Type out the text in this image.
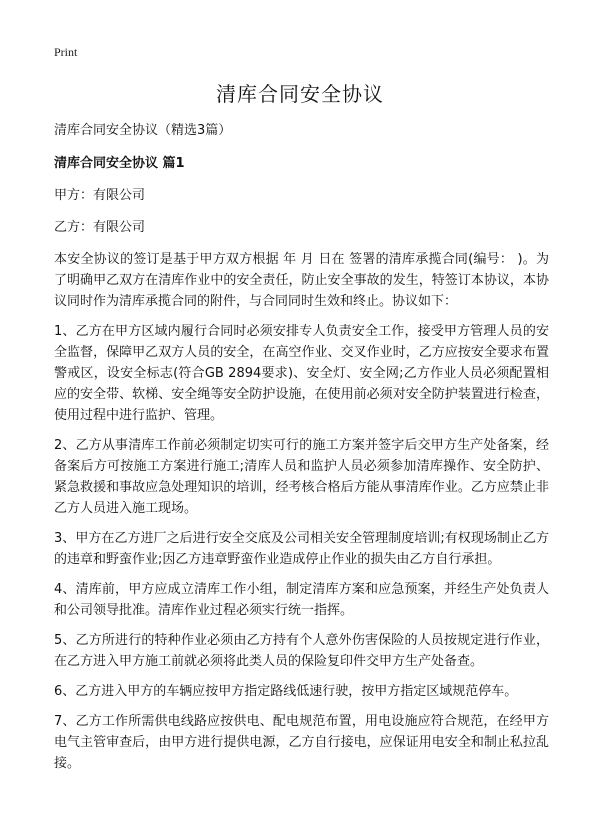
Print
清库合同安全协议

清库合同安全协议（精选3篇）

清库合同安全协议 篇1

甲方：有限公司

乙方：有限公司

本安全协议的签订是基于甲方双方根据 年 月 日在 签署的清库承揽合同(编号： )。为了明确甲乙双方在清库作业中的安全责任，防止安全事故的发生，特签订本协议，本协议同时作为清库承揽合同的附件，与合同同时生效和终止。协议如下：

1、乙方在甲方区域内履行合同时必须安排专人负责安全工作，接受甲方管理人员的安全监督，保障甲乙双方人员的安全，在高空作业、交叉作业时，乙方应按安全要求布置警戒区，设安全标志(符合GB 2894要求)、安全灯、安全网;乙方作业人员必须配置相应的安全带、软梯、安全绳等安全防护设施，在使用前必须对安全防护装置进行检查，使用过程中进行监护、管理。

2、乙方从事清库工作前必须制定切实可行的施工方案并签字后交甲方生产处备案，经备案后方可按施工方案进行施工;清库人员和监护人员必须参加清库操作、安全防护、紧急救援和事故应急处理知识的培训，经考核合格后方能从事清库作业。乙方应禁止非乙方人员进入施工现场。

3、甲方在乙方进厂之后进行安全交底及公司相关安全管理制度培训;有权现场制止乙方的违章和野蛮作业;因乙方违章野蛮作业造成停止作业的损失由乙方自行承担。

4、清库前，甲方应成立清库工作小组，制定清库方案和应急预案，并经生产处负责人和公司领导批准。清库作业过程必须实行统一指挥。

5、乙方所进行的特种作业必须由乙方持有个人意外伤害保险的人员按规定进行作业，在乙方进入甲方施工前就必须将此类人员的保险复印件交甲方生产处备查。

6、乙方进入甲方的车辆应按甲方指定路线低速行驶，按甲方指定区域规范停车。

7、乙方工作所需供电线路应按供电、配电规范布置，用电设施应符合规范，在经甲方电气主管审查后，由甲方进行提供电源，乙方自行接电，应保证用电安全和制止私拉乱接。
